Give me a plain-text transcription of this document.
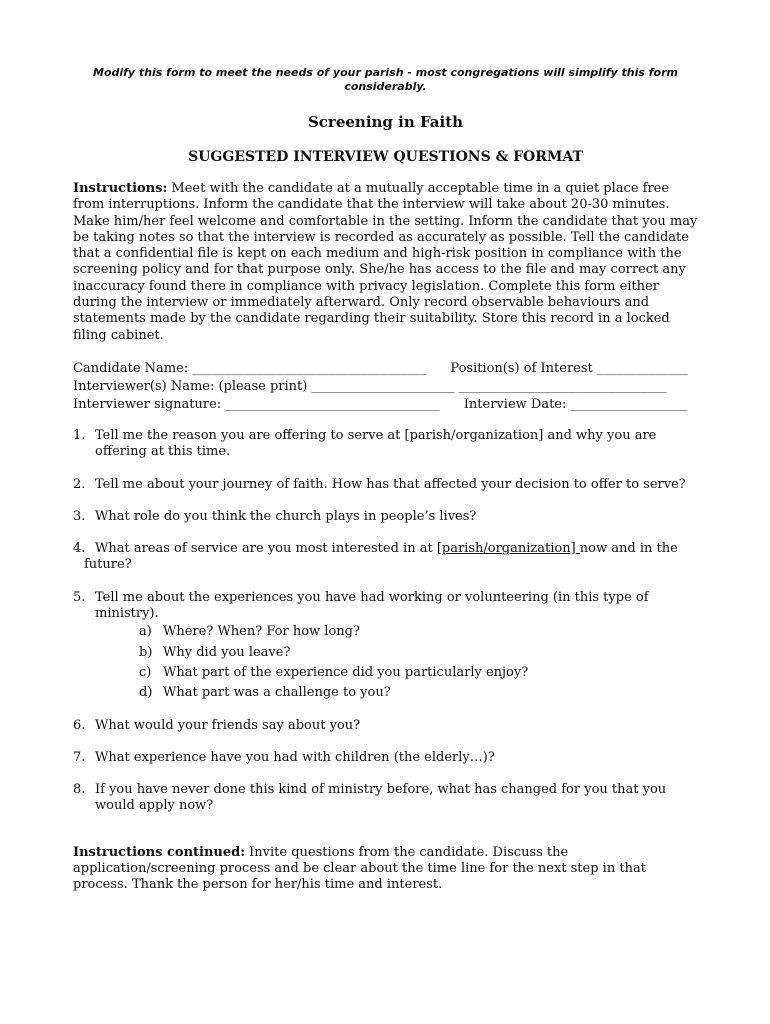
Modify this form to meet the needs of your parish - most congregations will simplify this form considerably.

Screening in Faith
SUGGESTED INTERVIEW QUESTIONS & FORMAT

Instructions: Meet with the candidate at a mutually acceptable time in a quiet place free from interruptions. Inform the candidate that the interview will take about 20-30 minutes. Make him/her feel welcome and comfortable in the setting. Inform the candidate that you may be taking notes so that the interview is recorded as accurately as possible. Tell the candidate that a confidential file is kept on each medium and high-risk position in compliance with the screening policy and for that purpose only. She/he has access to the file and may correct any inaccuracy found there in compliance with privacy legislation. Complete this form either during the interview or immediately afterward. Only record observable behaviours and statements made by the candidate regarding their suitability. Store this record in a locked filing cabinet.

Candidate Name: ____________________________________ Position(s) of Interest ______________
Interviewer(s) Name: (please print) ______________________ ________________________________
Interviewer signature: _________________________________ Interview Date: __________________
1. Tell me the reason you are offering to serve at [parish/organization] and why you are offering at this time.
2. Tell me about your journey of faith. How has that affected your decision to offer to serve?
3. What role do you think the church plays in people’s lives?
4. What areas of service are you most interested in at [parish/organization] now and in the future?
5. Tell me about the experiences you have had working or volunteering (in this type of ministry).
a) Where? When? For how long?
b) Why did you leave?
c) What part of the experience did you particularly enjoy?
d) What part was a challenge to you?
6. What would your friends say about you?
7. What experience have you had with children (the elderly…)?
8. If you have never done this kind of ministry before, what has changed for you that you would apply now?

Instructions continued: Invite questions from the candidate. Discuss the application/screening process and be clear about the time line for the next step in that process. Thank the person for her/his time and interest.
